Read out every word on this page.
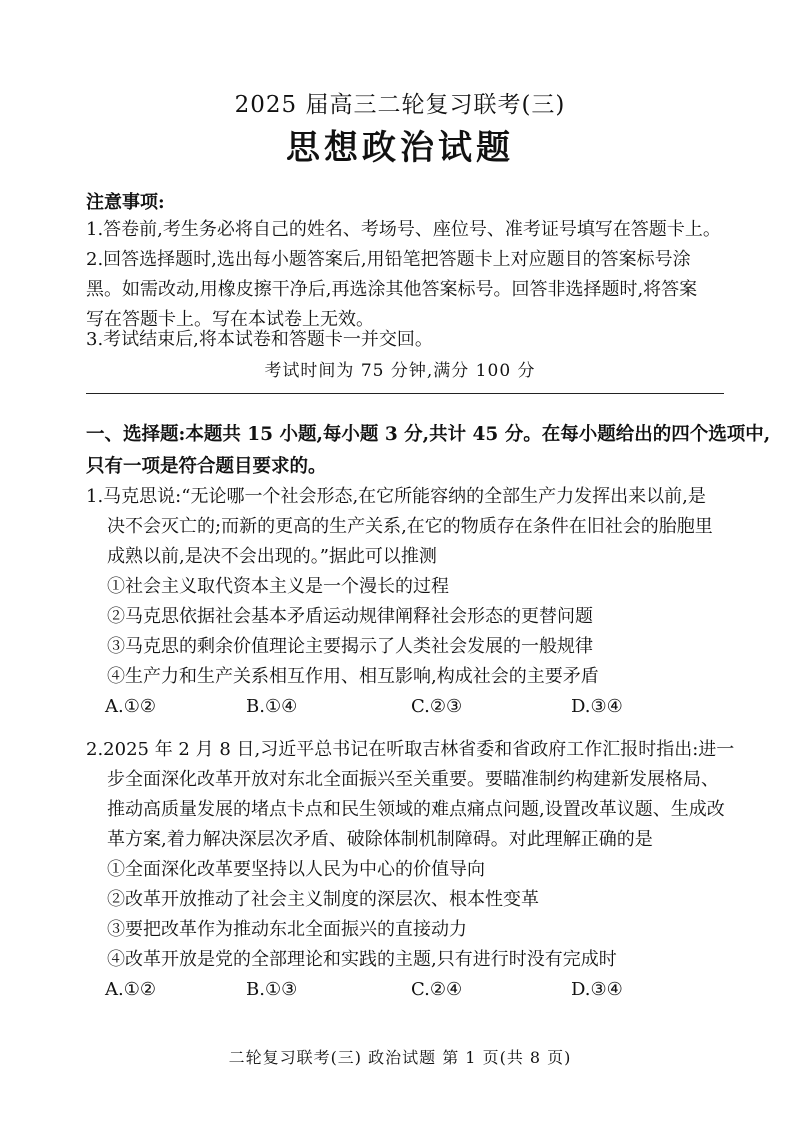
2025 届高三二轮复习联考(三)
思想政治试题
注意事项:
1.答卷前,考生务必将自己的姓名、考场号、座位号、准考证号填写在答题卡上。
2.回答选择题时,选出每小题答案后,用铅笔把答题卡上对应题目的答案标号涂
黑。如需改动,用橡皮擦干净后,再选涂其他答案标号。回答非选择题时,将答案
写在答题卡上。写在本试卷上无效。
3.考试结束后,将本试卷和答题卡一并交回。
考试时间为 75 分钟,满分 100 分
一、选择题:本题共 15 小题,每小题 3 分,共计 45 分。在每小题给出的四个选项中,
只有一项是符合题目要求的。
1.马克思说:“无论哪一个社会形态,在它所能容纳的全部生产力发挥出来以前,是
决不会灭亡的;而新的更高的生产关系,在它的物质存在条件在旧社会的胎胞里
成熟以前,是决不会出现的。”据此可以推测
①社会主义取代资本主义是一个漫长的过程
②马克思依据社会基本矛盾运动规律阐释社会形态的更替问题
③马克思的剩余价值理论主要揭示了人类社会发展的一般规律
④生产力和生产关系相互作用、相互影响,构成社会的主要矛盾
A.①②	B.①④	C.②③	D.③④
2.2025 年 2 月 8 日,习近平总书记在听取吉林省委和省政府工作汇报时指出:进一
步全面深化改革开放对东北全面振兴至关重要。要瞄准制约构建新发展格局、
推动高质量发展的堵点卡点和民生领域的难点痛点问题,设置改革议题、生成改
革方案,着力解决深层次矛盾、破除体制机制障碍。对此理解正确的是
①全面深化改革要坚持以人民为中心的价值导向
②改革开放推动了社会主义制度的深层次、根本性变革
③要把改革作为推动东北全面振兴的直接动力
④改革开放是党的全部理论和实践的主题,只有进行时没有完成时
A.①②	B.①③	C.②④	D.③④
二轮复习联考(三) 政治试题 第 1 页(共 8 页)
